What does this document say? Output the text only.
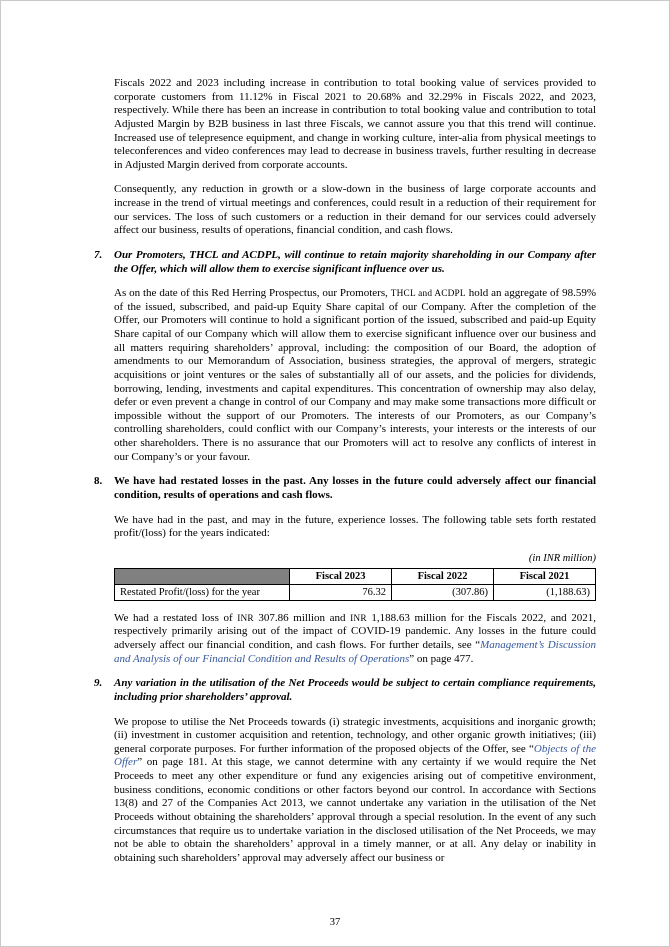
Fiscals 2022 and 2023 including increase in contribution to total booking value of services provided to corporate customers from 11.12% in Fiscal 2021 to 20.68% and 32.29% in Fiscals 2022, and 2023, respectively. While there has been an increase in contribution to total booking value and contribution to total Adjusted Margin by B2B business in last three Fiscals, we cannot assure you that this trend will continue. Increased use of telepresence equipment, and change in working culture, inter-alia from physical meetings to teleconferences and video conferences may lead to decrease in business travels, further resulting in decrease in Adjusted Margin derived from corporate accounts.

Consequently, any reduction in growth or a slow-down in the business of large corporate accounts and increase in the trend of virtual meetings and conferences, could result in a reduction of their requirement for our services. The loss of such customers or a reduction in their demand for our services could adversely affect our business, results of operations, financial condition, and cash flows.

7.	Our Promoters, THCL and ACDPL, will continue to retain majority shareholding in our Company after the Offer, which will allow them to exercise significant influence over us.

As on the date of this Red Herring Prospectus, our Promoters, THCL and ACDPL hold an aggregate of 98.59% of the issued, subscribed, and paid-up Equity Share capital of our Company. After the completion of the Offer, our Promoters will continue to hold a significant portion of the issued, subscribed and paid-up Equity Share capital of our Company which will allow them to exercise significant influence over our business and all matters requiring shareholders’ approval, including: the composition of our Board, the adoption of amendments to our Memorandum of Association, business strategies, the approval of mergers, strategic acquisitions or joint ventures or the sales of substantially all of our assets, and the policies for dividends, borrowing, lending, investments and capital expenditures. This concentration of ownership may also delay, defer or even prevent a change in control of our Company and may make some transactions more difficult or impossible without the support of our Promoters. The interests of our Promoters, as our Company’s controlling shareholders, could conflict with our Company’s interests, your interests or the interests of our other shareholders. There is no assurance that our Promoters will act to resolve any conflicts of interest in our Company’s or your favour.

8.	We have had restated losses in the past. Any losses in the future could adversely affect our financial condition, results of operations and cash flows.

We have had in the past, and may in the future, experience losses. The following table sets forth restated profit/(loss) for the years indicated:

(in INR million)
	Fiscal 2023	Fiscal 2022	Fiscal 2021
Restated Profit/(loss) for the year	76.32	(307.86)	(1,188.63)

We had a restated loss of INR 307.86 million and INR 1,188.63 million for the Fiscals 2022, and 2021, respectively primarily arising out of the impact of COVID-19 pandemic. Any losses in the future could adversely affect our financial condition, and cash flows. For further details, see “Management’s Discussion and Analysis of our Financial Condition and Results of Operations” on page 477.

9.	Any variation in the utilisation of the Net Proceeds would be subject to certain compliance requirements, including prior shareholders’ approval.

We propose to utilise the Net Proceeds towards (i) strategic investments, acquisitions and inorganic growth; (ii) investment in customer acquisition and retention, technology, and other organic growth initiatives; (iii) general corporate purposes. For further information of the proposed objects of the Offer, see “Objects of the Offer” on page 181. At this stage, we cannot determine with any certainty if we would require the Net Proceeds to meet any other expenditure or fund any exigencies arising out of competitive environment, business conditions, economic conditions or other factors beyond our control. In accordance with Sections 13(8) and 27 of the Companies Act 2013, we cannot undertake any variation in the utilisation of the Net Proceeds without obtaining the shareholders’ approval through a special resolution. In the event of any such circumstances that require us to undertake variation in the disclosed utilisation of the Net Proceeds, we may not be able to obtain the shareholders’ approval in a timely manner, or at all. Any delay or inability in obtaining such shareholders’ approval may adversely affect our business or

37
